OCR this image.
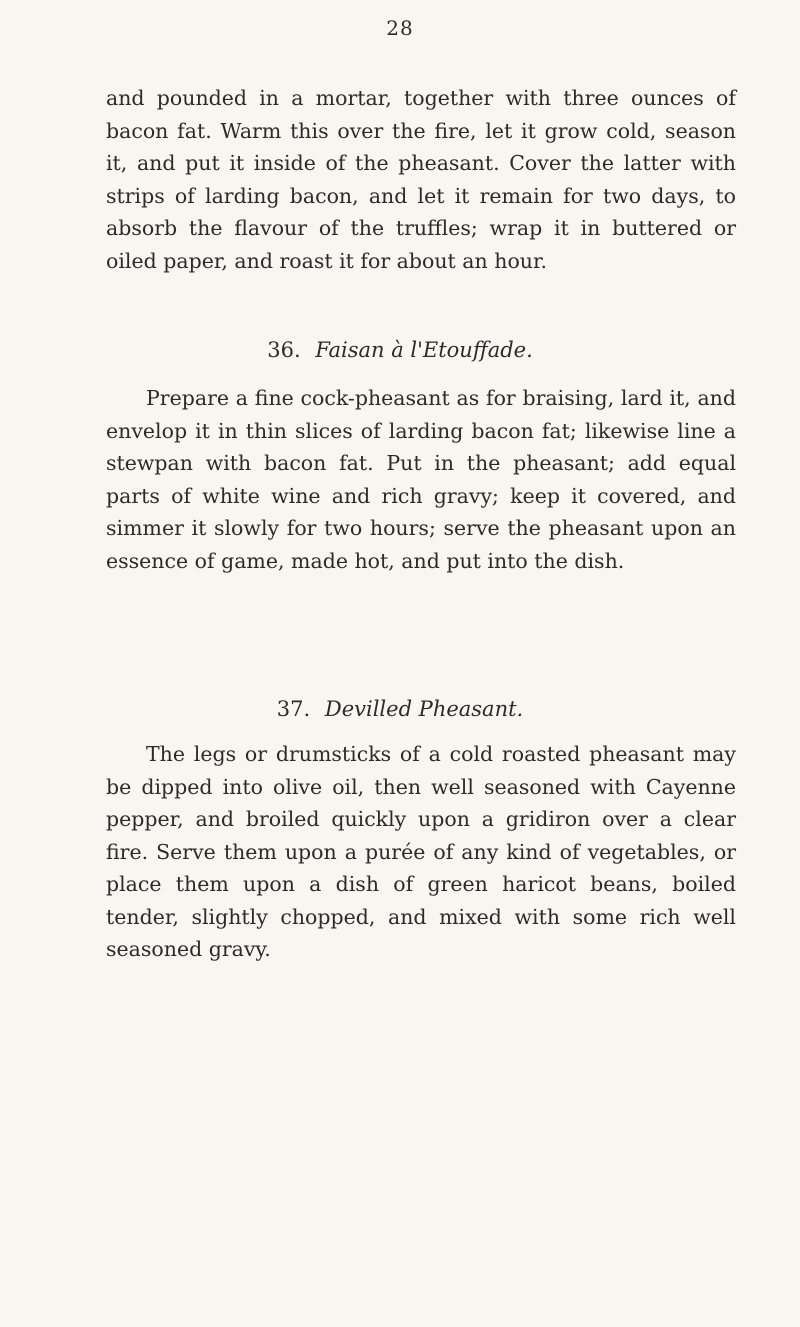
28

and pounded in a mortar, together with three ounces of bacon fat. Warm this over the fire, let it grow cold, season it, and put it inside of the pheasant. Cover the latter with strips of larding bacon, and let it remain for two days, to absorb the flavour of the truffles; wrap it in buttered or oiled paper, and roast it for about an hour.

36. Faisan à l'Etouffade.

Prepare a fine cock-pheasant as for braising, lard it, and envelop it in thin slices of larding bacon fat; likewise line a stewpan with bacon fat. Put in the pheasant; add equal parts of white wine and rich gravy; keep it covered, and simmer it slowly for two hours; serve the pheasant upon an essence of game, made hot, and put into the dish.

37. Devilled Pheasant.

The legs or drumsticks of a cold roasted pheasant may be dipped into olive oil, then well seasoned with Cayenne pepper, and broiled quickly upon a gridiron over a clear fire. Serve them upon a purée of any kind of vegetables, or place them upon a dish of green haricot beans, boiled tender, slightly chopped, and mixed with some rich well seasoned gravy.
